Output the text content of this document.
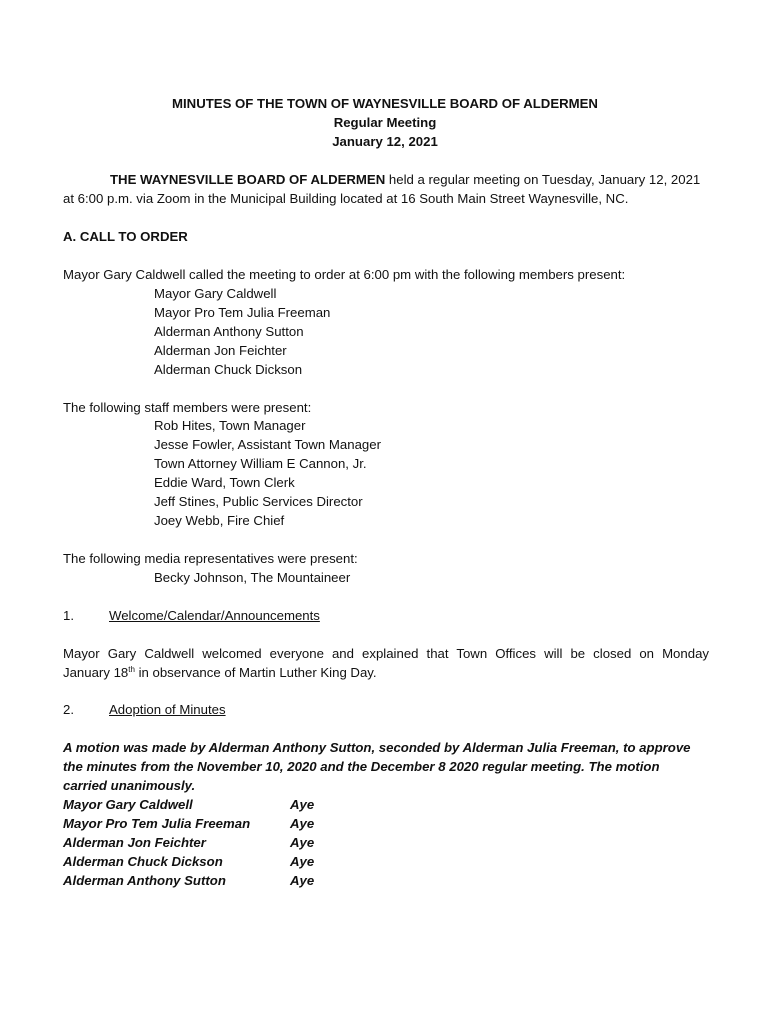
MINUTES OF THE TOWN OF WAYNESVILLE BOARD OF ALDERMEN
Regular Meeting
January 12, 2021
THE WAYNESVILLE BOARD OF ALDERMEN held a regular meeting on Tuesday, January 12, 2021
at 6:00 p.m. via Zoom in the Municipal Building located at 16 South Main Street Waynesville, NC.
A. CALL TO ORDER
Mayor Gary Caldwell called the meeting to order at 6:00 pm with the following members present:
Mayor Gary Caldwell
Mayor Pro Tem Julia Freeman
Alderman Anthony Sutton
Alderman Jon Feichter
Alderman Chuck Dickson
The following staff members were present:
Rob Hites, Town Manager
Jesse Fowler, Assistant Town Manager
Town Attorney William E Cannon, Jr.
Eddie Ward, Town Clerk
Jeff Stines, Public Services Director
Joey Webb, Fire Chief
The following media representatives were present:
Becky Johnson, The Mountaineer
1.	Welcome/Calendar/Announcements
Mayor Gary Caldwell welcomed everyone and explained that Town Offices will be closed on Monday
January 18th in observance of Martin Luther King Day.
2.	Adoption of Minutes
A motion was made by Alderman Anthony Sutton, seconded by Alderman Julia Freeman, to approve
the minutes from the November 10, 2020 and the December 8 2020 regular meeting. The motion
carried unanimously.
Mayor Gary Caldwell	Aye
Mayor Pro Tem Julia Freeman	Aye
Alderman Jon Feichter	Aye
Alderman Chuck Dickson	Aye
Alderman Anthony Sutton	Aye
